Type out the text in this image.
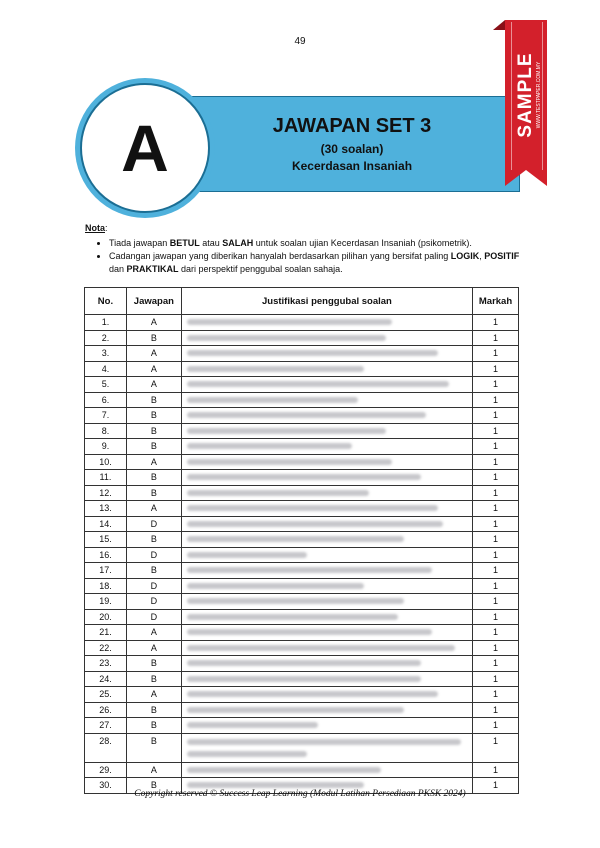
49
JAWAPAN SET 3
(30 soalan)
Kecerdasan Insaniah
A
SAMPLE WWW.TESTPAPER.COM.MY
Nota:
• Tiada jawapan BETUL atau SALAH untuk soalan ujian Kecerdasan Insaniah (psikometrik).
• Cadangan jawapan yang diberikan hanyalah berdasarkan pilihan yang bersifat paling LOGIK, POSITIF dan PRAKTIKAL dari perspektif penggubal soalan sahaja.
No.	Jawapan	Justifikasi penggubal soalan	Markah
1.	A		1
2.	B		1
3.	A		1
4.	A		1
5.	A		1
6.	B		1
7.	B		1
8.	B		1
9.	B		1
10.	A		1
11.	B		1
12.	B		1
13.	A		1
14.	D		1
15.	B		1
16.	D		1
17.	B		1
18.	D		1
19.	D		1
20.	D		1
21.	A		1
22.	A		1
23.	B		1
24.	B		1
25.	A		1
26.	B		1
27.	B		1
28.	B		1
29.	A		1
30.	B		1
Copyright reserved © Success Leap Learning (Modul Latihan Persediaan PKSK 2024)
